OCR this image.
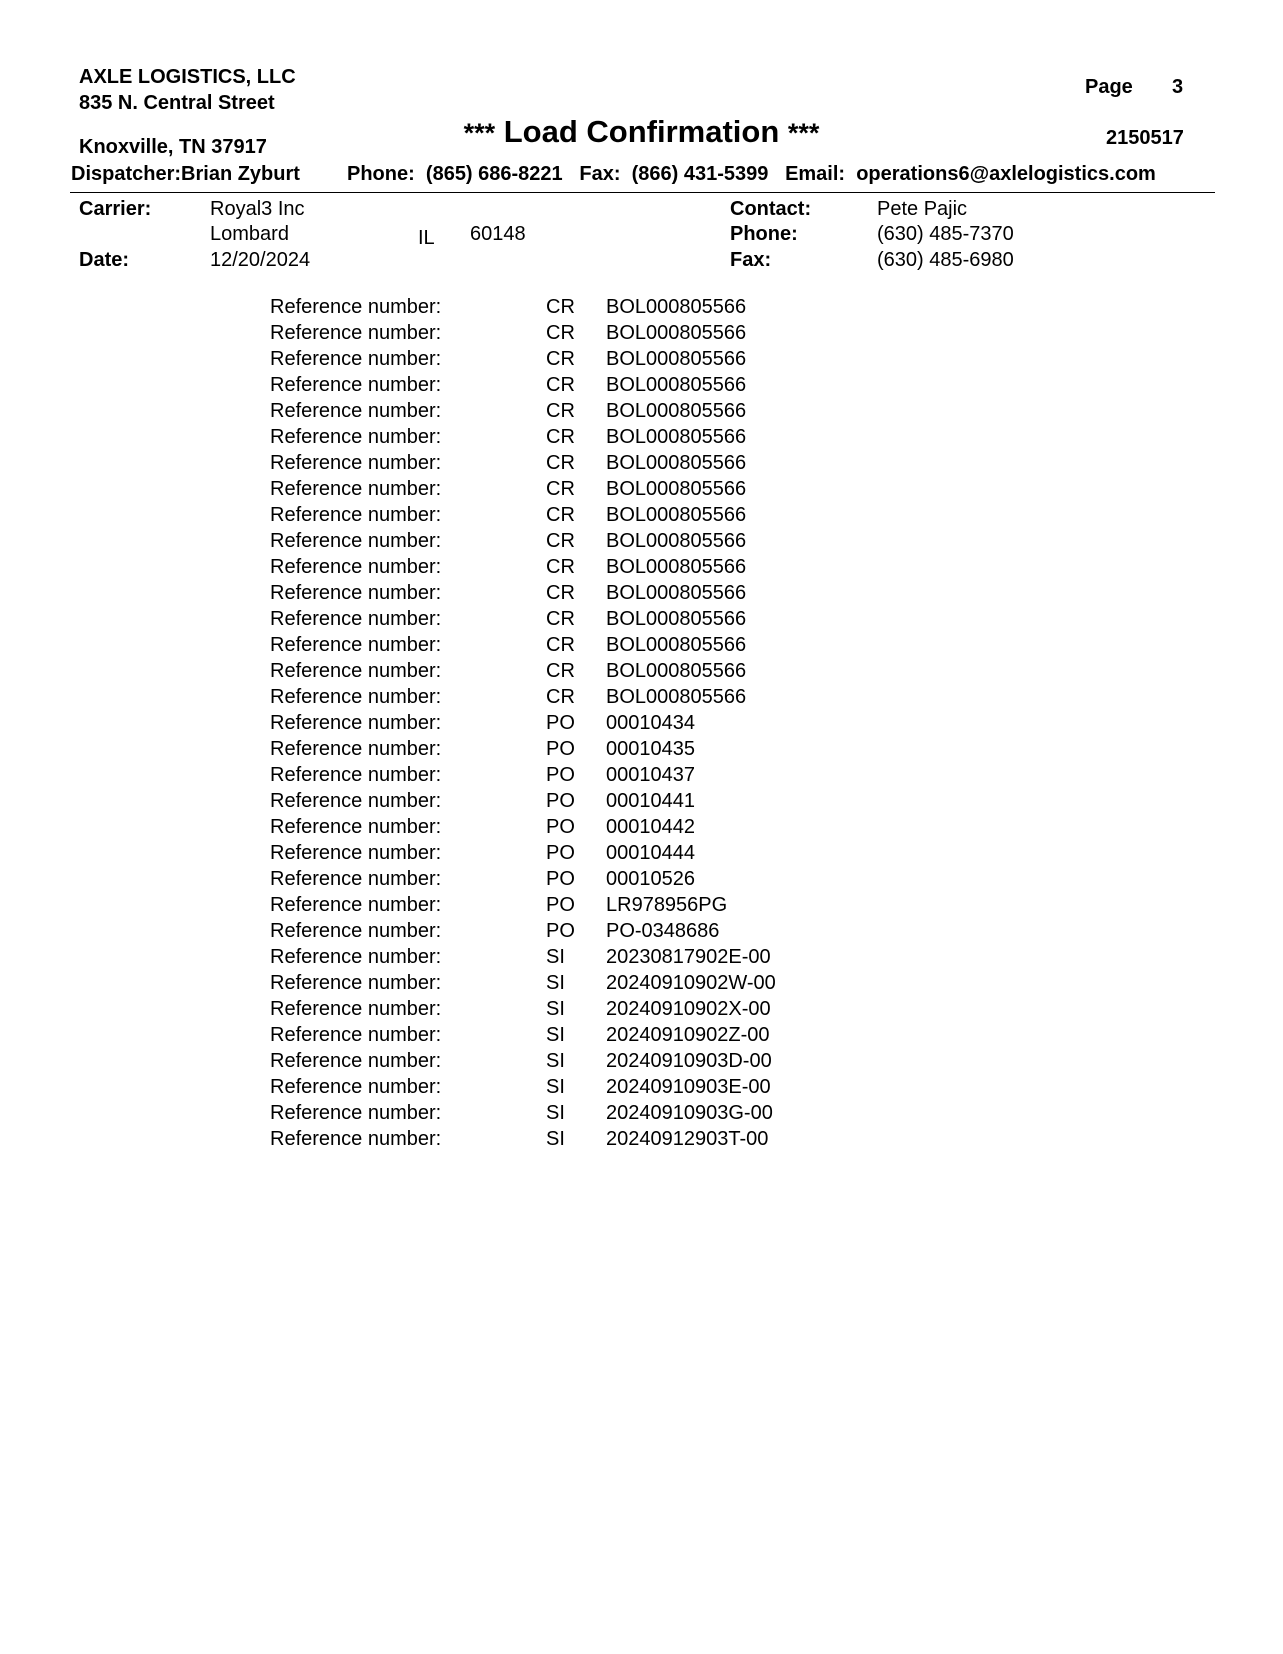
AXLE LOGISTICS, LLC
835 N. Central Street
Knoxville, TN 37917
Page 3
*** Load Confirmation ***	2150517
Dispatcher:Brian Zyburt Phone: (865) 686-8221 Fax: (866) 431-5399 Email: operations6@axlelogistics.com
Carrier:	Royal3 Inc
Lombard	IL 60148
Date:	12/20/2024
Contact:	Pete Pajic
Phone:	(630) 485-7370
Fax:	(630) 485-6980
Reference number:	CR BOL000805566
Reference number:	CR BOL000805566
Reference number:	CR BOL000805566
Reference number:	CR BOL000805566
Reference number:	CR BOL000805566
Reference number:	CR BOL000805566
Reference number:	CR BOL000805566
Reference number:	CR BOL000805566
Reference number:	CR BOL000805566
Reference number:	CR BOL000805566
Reference number:	CR BOL000805566
Reference number:	CR BOL000805566
Reference number:	CR BOL000805566
Reference number:	CR BOL000805566
Reference number:	CR BOL000805566
Reference number:	CR BOL000805566
Reference number:	PO 00010434
Reference number:	PO 00010435
Reference number:	PO 00010437
Reference number:	PO 00010441
Reference number:	PO 00010442
Reference number:	PO 00010444
Reference number:	PO 00010526
Reference number:	PO LR978956PG
Reference number:	PO PO-0348686
Reference number:	SI 20230817902E-00
Reference number:	SI 20240910902W-00
Reference number:	SI 20240910902X-00
Reference number:	SI 20240910902Z-00
Reference number:	SI 20240910903D-00
Reference number:	SI 20240910903E-00
Reference number:	SI 20240910903G-00
Reference number:	SI 20240912903T-00
